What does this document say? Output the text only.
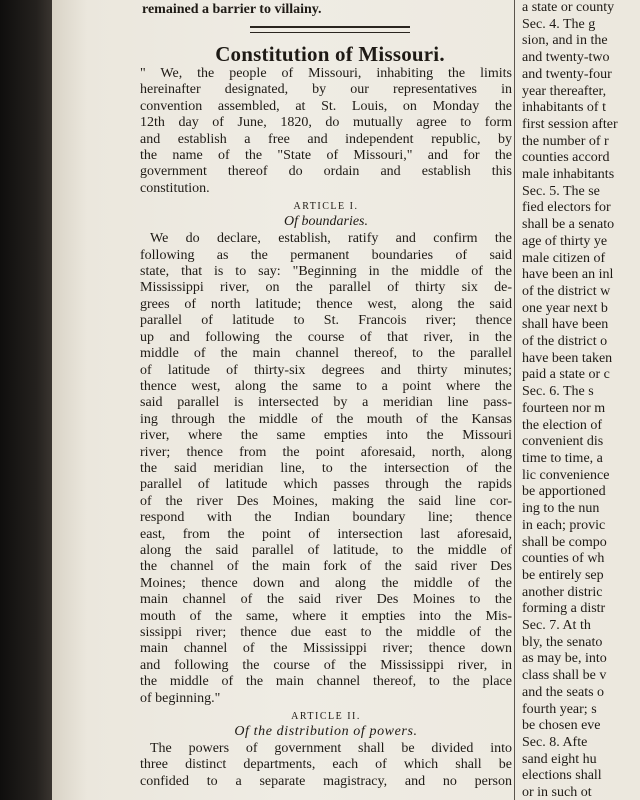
remained a barrier to villainy.
Constitution of Missouri.

" We, the people of Missouri, inhabiting the limits

hereinafter designated, by our representatives in

convention assembled, at St. Louis, on Monday the

12th day of June, 1820, do mutually agree to form

and establish a free and independent republic, by

the name of the "State of Missouri," and for the

government thereof do ordain and establish this

constitution.

ARTICLE I.

Of boundaries.

We do declare, establish, ratify and confirm the

following as the permanent boundaries of said

state, that is to say: "Beginning in the middle of the

Mississippi river, on the parallel of thirty six de-

grees of north latitude; thence west, along the said

parallel of latitude to St. Francois river; thence

up and following the course of that river, in the

middle of the main channel thereof, to the parallel

of latitude of thirty-six degrees and thirty minutes;

thence west, along the same to a point where the

said parallel is intersected by a meridian line pass-

ing through the middle of the mouth of the Kansas

river, where the same empties into the Missouri

river; thence from the point aforesaid, north, along

the said meridian line, to the intersection of the

parallel of latitude which passes through the rapids

of the river Des Moines, making the said line cor-

respond with the Indian boundary line; thence

east, from the point of intersection last aforesaid,

along the said parallel of latitude, to the middle of

the channel of the main fork of the said river Des

Moines; thence down and along the middle of the

main channel of the said river Des Moines to the

mouth of the same, where it empties into the Mis-

sissippi river; thence due east to the middle of the

main channel of the Mississippi river; thence down

and following the course of the Mississippi river, in

the middle of the main channel thereof, to the place

of beginning."

ARTICLE II.

Of the distribution of powers.

The powers of government shall be divided into

three distinct departments, each of which shall be

confided to a separate magistracy, and no person

a state or county

Sec. 4. The g

sion, and in the

and twenty-two

and twenty-four

year thereafter,

inhabitants of t

first session after

the number of r

counties accord

male inhabitants

Sec. 5. The se

fied electors for

shall be a senato

age of thirty ye

male citizen of

have been an inl

of the district w

one year next b

shall have been

of the district o

have been taken

paid a state or c

Sec. 6. The s

fourteen nor m

the election of

convenient dis

time to time, a

lic convenience

be apportioned

ing to the nun

in each; provic

shall be compo

counties of wh

be entirely sep

another distric

forming a distr

Sec. 7. At th

bly, the senato

as may be, into

class shall be v

and the seats o

fourth year; s

be chosen eve

Sec. 8. Afte

sand eight hu

elections shall

or in such ot
